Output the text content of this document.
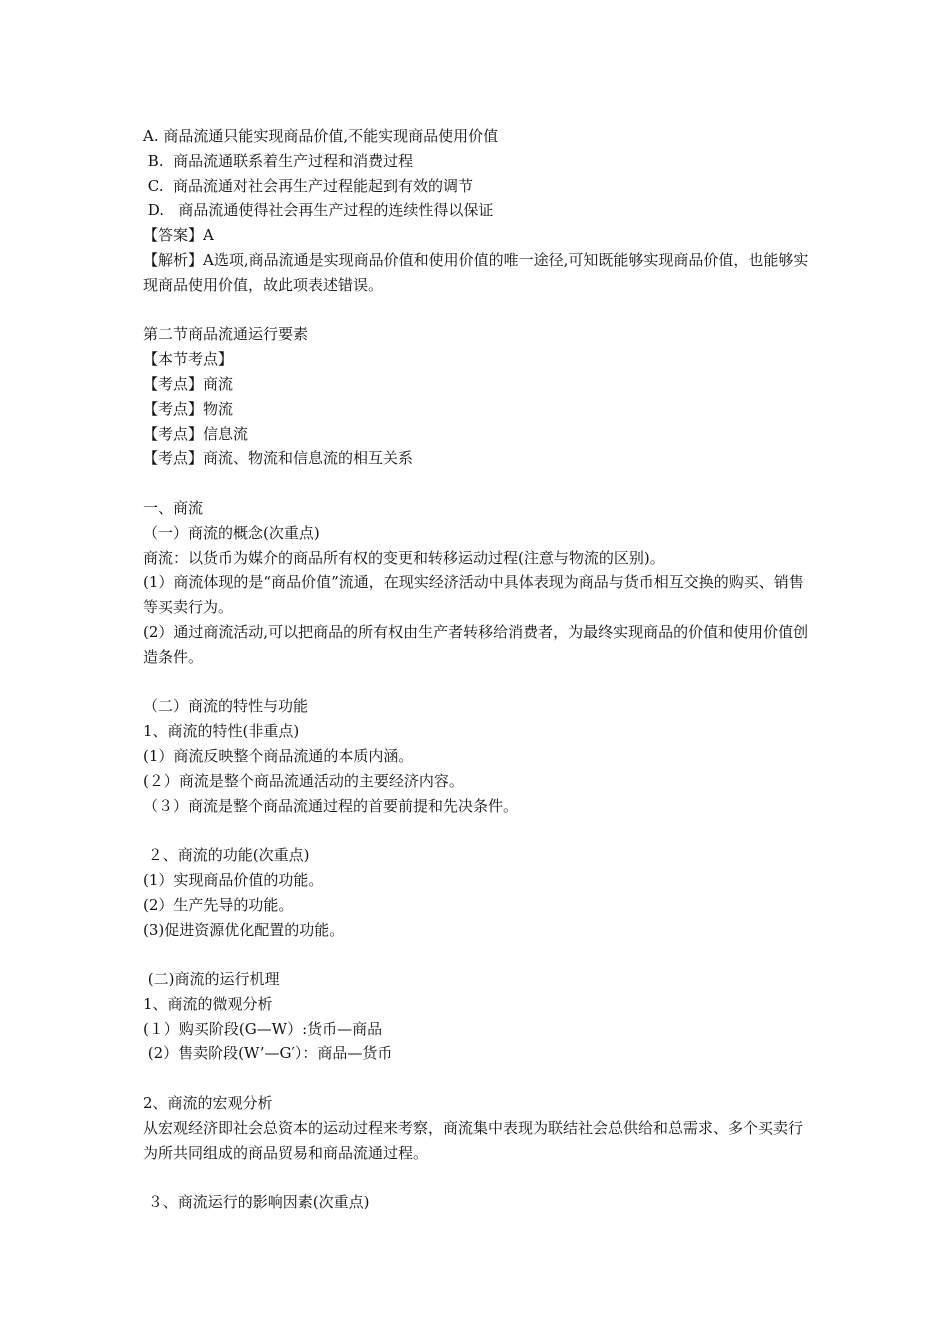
A. 商品流通只能实现商品价值,不能实现商品使用价值
B.  商品流通联系着生产过程和消费过程
C.  商品流通对社会再生产过程能起到有效的调节
D.   商品流通使得社会再生产过程的连续性得以保证
【答案】A
【解析】A选项,商品流通是实现商品价值和使用价值的唯一途径,可知既能够实现商品价值，也能够实现商品使用价值，故此项表述错误。
第二节商品流通运行要素
【本节考点】
【考点】商流
【考点】物流
【考点】信息流
【考点】商流、物流和信息流的相互关系
一、商流
（一）商流的概念(次重点)
商流：以货币为媒介的商品所有权的变更和转移运动过程(注意与物流的区别)。
(1）商流体现的是“商品价值”流通，在现实经济活动中具体表现为商品与货币相互交换的购买、销售等买卖行为。
(2）通过商流活动,可以把商品的所有权由生产者转移给消费者，为最终实现商品的价值和使用价值创造条件。
（二）商流的特性与功能
1、商流的特性(非重点)
(1）商流反映整个商品流通的本质内涵。
(２）商流是整个商品流通活动的主要经济内容。
（３）商流是整个商品流通过程的首要前提和先决条件。
２、商流的功能(次重点)
(1）实现商品价值的功能。
(2）生产先导的功能。
(3)促进资源优化配置的功能。
(二)商流的运行机理
1、商流的微观分析
(１）购买阶段(G—W）:货币—商品
(2）售卖阶段(W’—G′）：商品—货币
2、商流的宏观分析
从宏观经济即社会总资本的运动过程来考察，商流集中表现为联结社会总供给和总需求、多个买卖行为所共同组成的商品贸易和商品流通过程。
３、商流运行的影响因素(次重点)
